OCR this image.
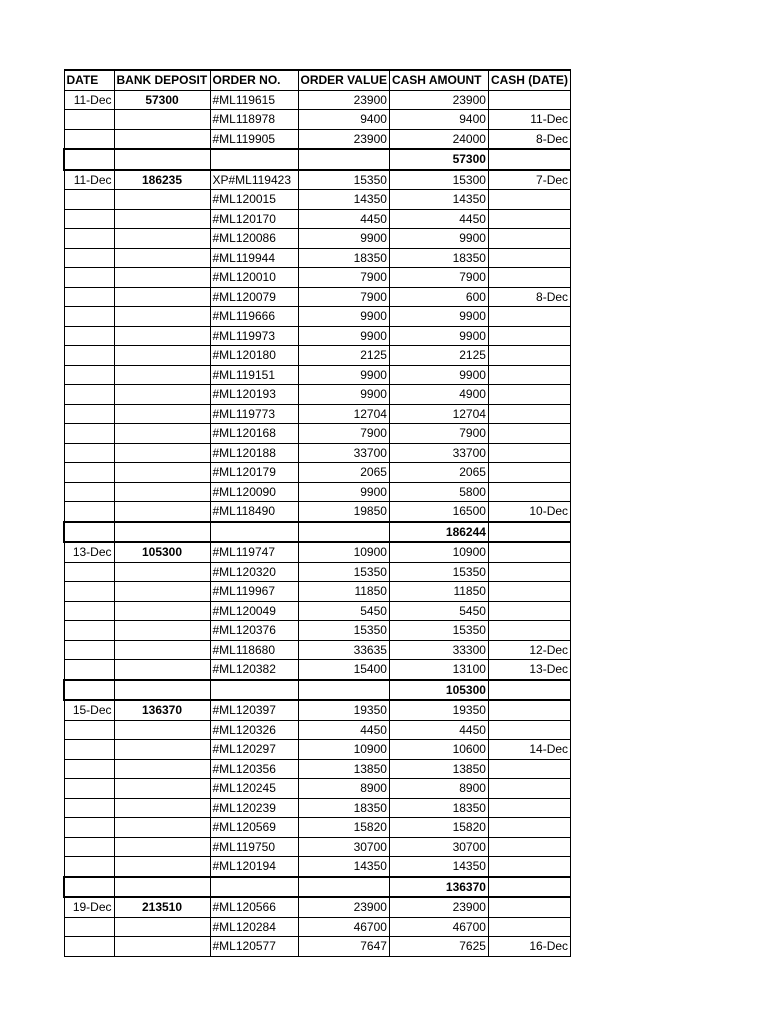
DATE	BANK DEPOSIT	ORDER NO.	ORDER VALUE	CASH AMOUNT	CASH (DATE)
11-Dec	57300	#ML119615	23900	23900	
		#ML118978	9400	9400	11-Dec
		#ML119905	23900	24000	8-Dec
				57300	
11-Dec	186235	XP#ML119423	15350	15300	7-Dec
		#ML120015	14350	14350	
		#ML120170	4450	4450	
		#ML120086	9900	9900	
		#ML119944	18350	18350	
		#ML120010	7900	7900	
		#ML120079	7900	600	8-Dec
		#ML119666	9900	9900	
		#ML119973	9900	9900	
		#ML120180	2125	2125	
		#ML119151	9900	9900	
		#ML120193	9900	4900	
		#ML119773	12704	12704	
		#ML120168	7900	7900	
		#ML120188	33700	33700	
		#ML120179	2065	2065	
		#ML120090	9900	5800	
		#ML118490	19850	16500	10-Dec
				186244	
13-Dec	105300	#ML119747	10900	10900	
		#ML120320	15350	15350	
		#ML119967	11850	11850	
		#ML120049	5450	5450	
		#ML120376	15350	15350	
		#ML118680	33635	33300	12-Dec
		#ML120382	15400	13100	13-Dec
				105300	
15-Dec	136370	#ML120397	19350	19350	
		#ML120326	4450	4450	
		#ML120297	10900	10600	14-Dec
		#ML120356	13850	13850	
		#ML120245	8900	8900	
		#ML120239	18350	18350	
		#ML120569	15820	15820	
		#ML119750	30700	30700	
		#ML120194	14350	14350	
				136370	
19-Dec	213510	#ML120566	23900	23900	
		#ML120284	46700	46700	
		#ML120577	7647	7625	16-Dec
